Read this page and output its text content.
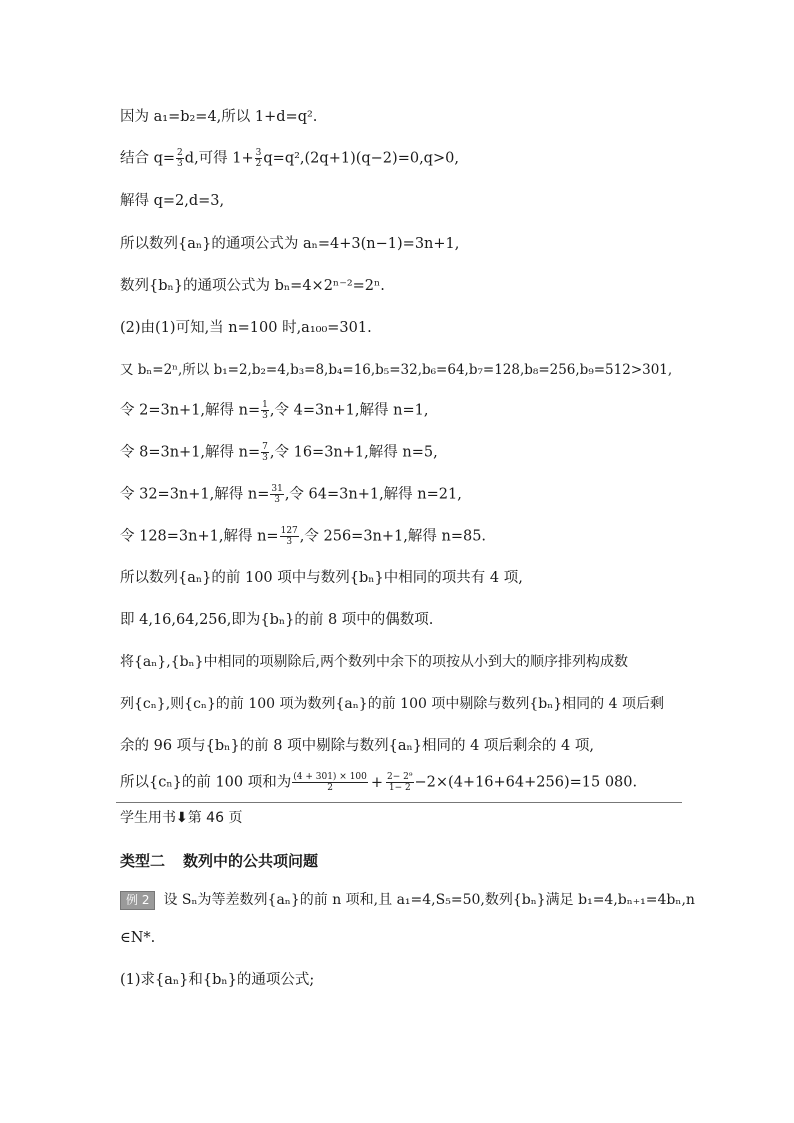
因为 a₁=b₂=4,所以 1+d=q².
结合 $q= \frac{2}{3} d$,可得 $1+ \frac{3}{2} q=q^2,(2q+1)(q-2)=0,q>0$,
解得 q=2,d=3,
所以数列{aₙ}的通项公式为 aₙ=4+3(n−1)=3n+1,
数列{bₙ}的通项公式为 bₙ=4×2ⁿ⁻²=2ⁿ.
(2)由(1)可知,当 n=100 时,a₁₀₀=301.
又 bₙ=2ⁿ,所以 b₁=2,b₂=4,b₃=8,b₄=16,b₅=32,b₆=64,b₇=128,b₈=256,b₉=512>301,
令 2=3n+1,解得 $n= \frac{1}{3}$ ,令 4=3n+1,解得 n=1,
令 8=3n+1,解得 $n= \frac{7}{3}$ ,令 16=3n+1,解得 n=5,
令 32=3n+1,解得 $n= \frac{31}{3}$ ,令 64=3n+1,解得 n=21,
令 128=3n+1,解得 $n= \frac{127}{3}$ ,令 256=3n+1,解得 n=85.
所以数列{aₙ}的前 100 项中与数列{bₙ}中相同的项共有 4 项,
即 4,16,64,256,即为{bₙ}的前 8 项中的偶数项.
将{aₙ},{bₙ}中相同的项剔除后,两个数列中余下的项按从小到大的顺序排列构成数
列{cₙ},则{cₙ}的前 100 项为数列{aₙ}的前 100 项中剔除与数列{bₙ}相同的 4 项后剩
余的 96 项与{bₙ}的前 8 项中剔除与数列{aₙ}相同的 4 项后剩余的 4 项,
所以{cₙ}的前 100 项和为 $\frac{(4 + 301) \times 100}{2} + \frac{\text{2− 2⁹}}{1- 2} -2\times(4+16+64+256)=15$ 080.
学生用书⬇第 46 页
类型二 数列中的公共项问题
例 2 设 Sₙ为等差数列{aₙ}的前 n 项和,且 a₁=4,S₅=50,数列{bₙ}满足 b₁=4,bₙ₊₁=4bₙ,n
∈N*.
(1)求{aₙ}和{bₙ}的通项公式;
